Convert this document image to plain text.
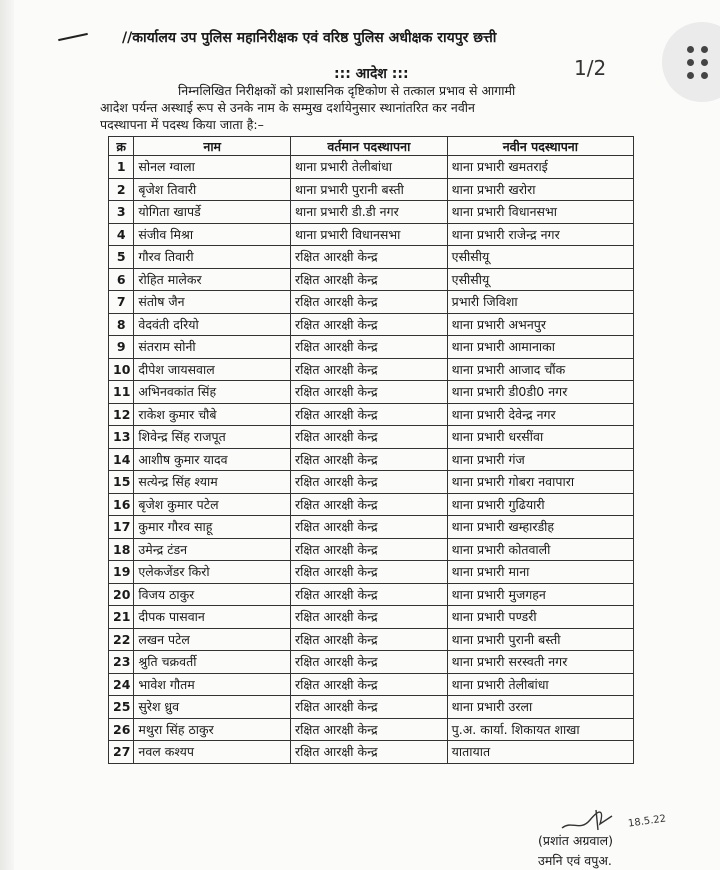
//कार्यालय उप पुलिस महानिरीक्षक एवं वरिष्ठ पुलिस अधीक्षक रायपुर छत्ती
1/2
::: आदेश :::
निम्नलिखित निरीक्षकों को प्रशासनिक दृष्टिकोण से तत्काल प्रभाव से आगामी
आदेश पर्यन्त अस्थाई रूप से उनके नाम के सम्मुख दर्शायेनुसार स्थानांतरित कर नवीन
पदस्थापना में पदस्थ किया जाता है:–
क्र	नाम	वर्तमान पदस्थापना	नवीन पदस्थापना
1	सोनल ग्वाला	थाना प्रभारी तेलीबांधा	थाना प्रभारी खमतराई
2	बृजेश तिवारी	थाना प्रभारी पुरानी बस्ती	थाना प्रभारी खरोरा
3	योगिता खापर्डे	थाना प्रभारी डी.डी नगर	थाना प्रभारी विधानसभा
4	संजीव मिश्रा	थाना प्रभारी विधानसभा	थाना प्रभारी राजेन्द्र नगर
5	गौरव तिवारी	रक्षित आरक्षी केन्द्र	एसीसीयू
6	रोहित मालेकर	रक्षित आरक्षी केन्द्र	एसीसीयू
7	संतोष जैन	रक्षित आरक्षी केन्द्र	प्रभारी जिविशा
8	वेदवंती दरियो	रक्षित आरक्षी केन्द्र	थाना प्रभारी अभनपुर
9	संतराम सोनी	रक्षित आरक्षी केन्द्र	थाना प्रभारी आमानाका
10	दीपेश जायसवाल	रक्षित आरक्षी केन्द्र	थाना प्रभारी आजाद चौंक
11	अभिनवकांत सिंह	रक्षित आरक्षी केन्द्र	थाना प्रभारी डी0डी0 नगर
12	राकेश कुमार चौबे	रक्षित आरक्षी केन्द्र	थाना प्रभारी देवेन्द्र नगर
13	शिवेन्द्र सिंह राजपूत	रक्षित आरक्षी केन्द्र	थाना प्रभारी धरसींवा
14	आशीष कुमार यादव	रक्षित आरक्षी केन्द्र	थाना प्रभारी गंज
15	सत्येन्द्र सिंह श्याम	रक्षित आरक्षी केन्द्र	थाना प्रभारी गोबरा नवापारा
16	बृजेश कुमार पटेल	रक्षित आरक्षी केन्द्र	थाना प्रभारी गुढियारी
17	कुमार गौरव साहू	रक्षित आरक्षी केन्द्र	थाना प्रभारी खम्हारडीह
18	उमेन्द्र टंडन	रक्षित आरक्षी केन्द्र	थाना प्रभारी कोतवाली
19	एलेकजेंडर किरो	रक्षित आरक्षी केन्द्र	थाना प्रभारी माना
20	विजय ठाकुर	रक्षित आरक्षी केन्द्र	थाना प्रभारी मुजगहन
21	दीपक पासवान	रक्षित आरक्षी केन्द्र	थाना प्रभारी पण्डरी
22	लखन पटेल	रक्षित आरक्षी केन्द्र	थाना प्रभारी पुरानी बस्ती
23	श्रुति चक्रवर्ती	रक्षित आरक्षी केन्द्र	थाना प्रभारी सरस्वती नगर
24	भावेश गौतम	रक्षित आरक्षी केन्द्र	थाना प्रभारी तेलीबांधा
25	सुरेश ध्रुव	रक्षित आरक्षी केन्द्र	थाना प्रभारी उरला
26	मथुरा सिंह ठाकुर	रक्षित आरक्षी केन्द्र	पु.अ. कार्या. शिकायत शाखा
27	नवल कश्यप	रक्षित आरक्षी केन्द्र	यातायात
18.5.22
(प्रशांत अग्रवाल)
उमनि एवं वपुअ.
